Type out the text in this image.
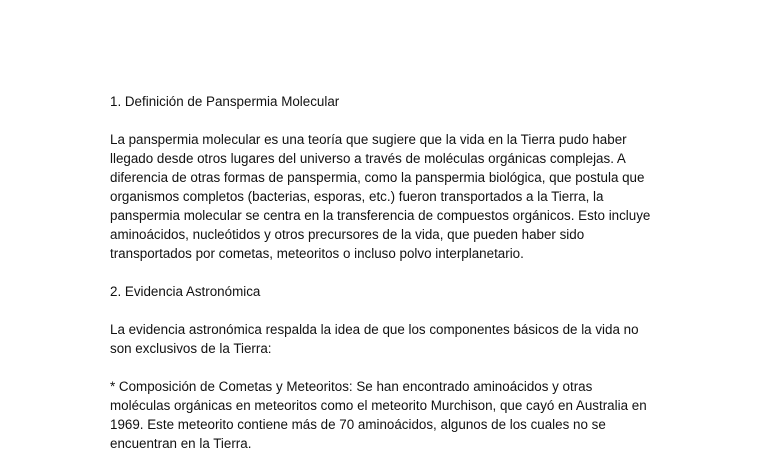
1. Definición de Panspermia Molecular
La panspermia molecular es una teoría que sugiere que la vida en la Tierra pudo haber
llegado desde otros lugares del universo a través de moléculas orgánicas complejas. A
diferencia de otras formas de panspermia, como la panspermia biológica, que postula que
organismos completos (bacterias, esporas, etc.) fueron transportados a la Tierra, la
panspermia molecular se centra en la transferencia de compuestos orgánicos. Esto incluye
aminoácidos, nucleótidos y otros precursores de la vida, que pueden haber sido
transportados por cometas, meteoritos o incluso polvo interplanetario.
2. Evidencia Astronómica
La evidencia astronómica respalda la idea de que los componentes básicos de la vida no
son exclusivos de la Tierra:
* Composición de Cometas y Meteoritos: Se han encontrado aminoácidos y otras
moléculas orgánicas en meteoritos como el meteorito Murchison, que cayó en Australia en
1969. Este meteorito contiene más de 70 aminoácidos, algunos de los cuales no se
encuentran en la Tierra.
